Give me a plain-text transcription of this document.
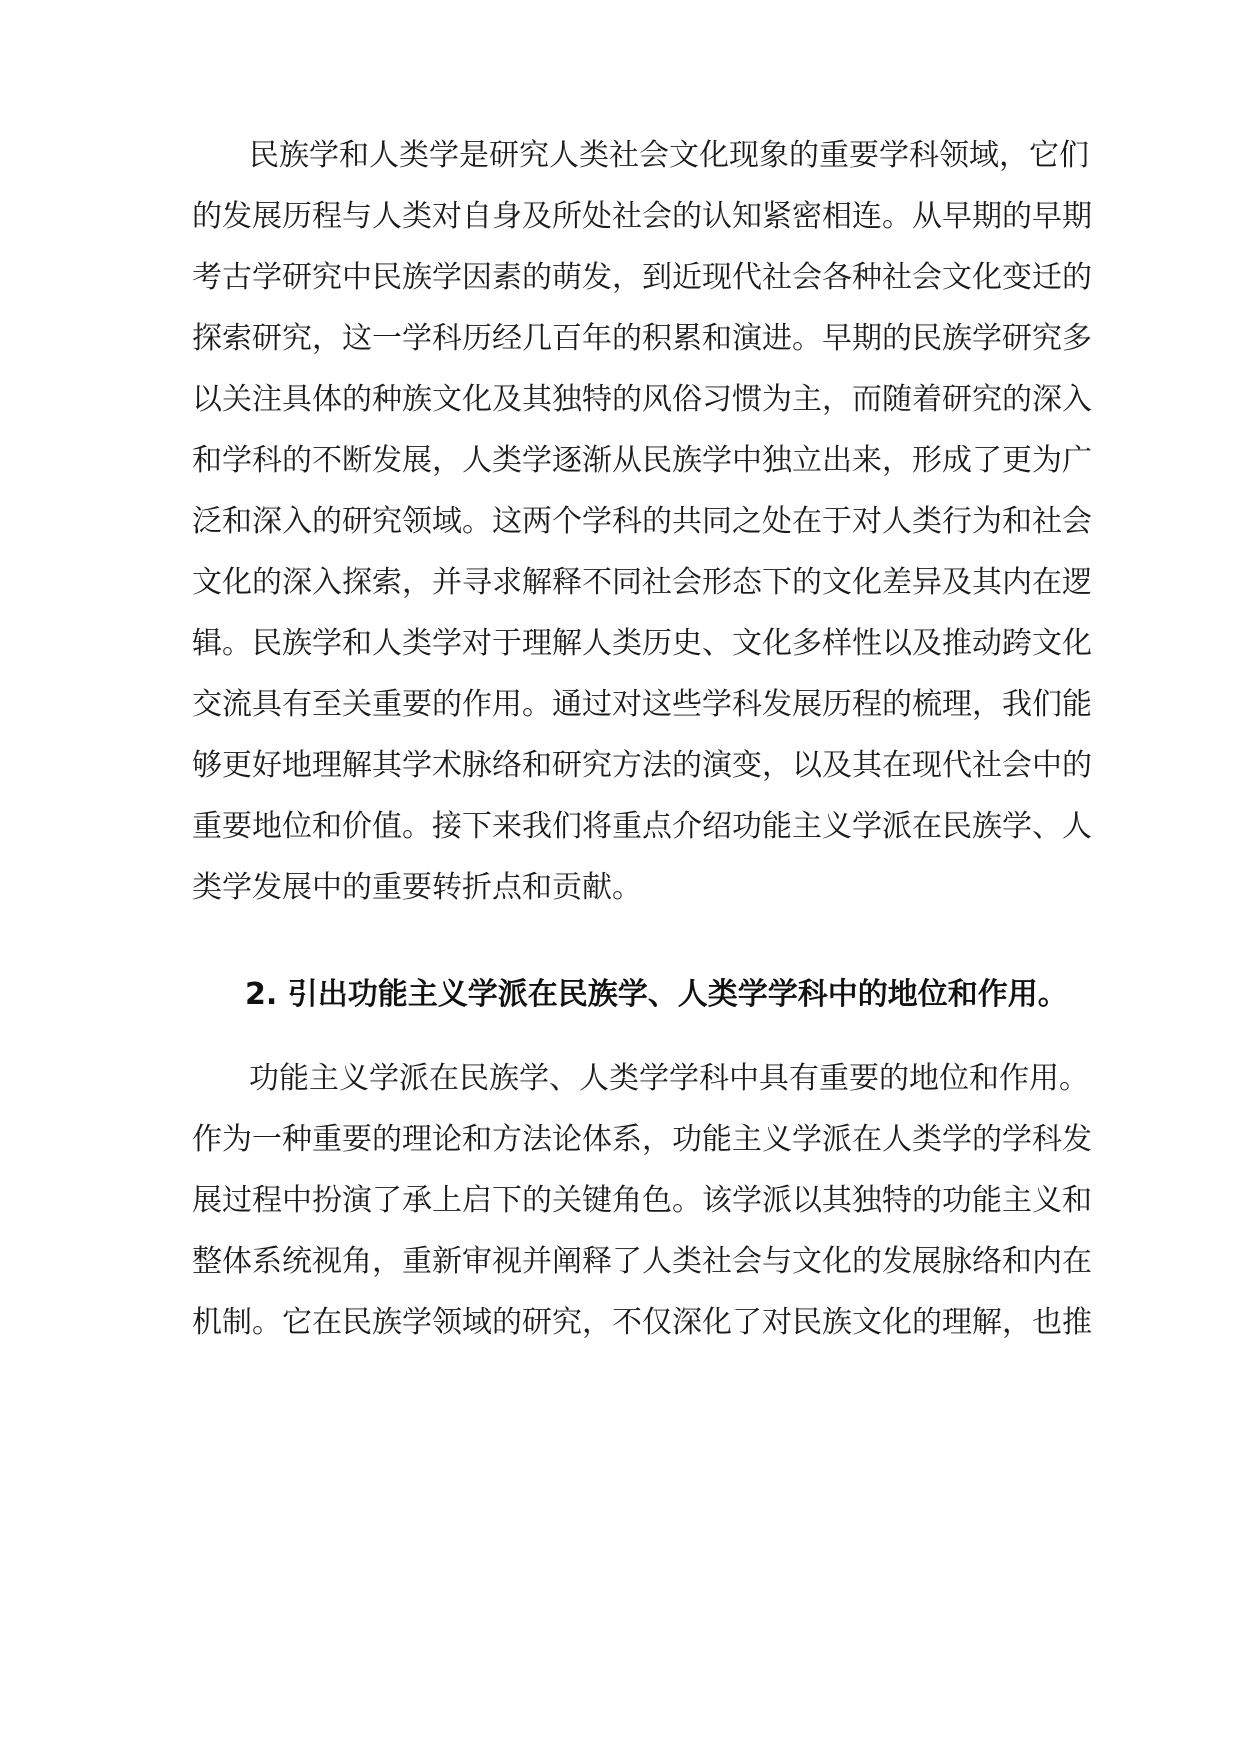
民族学和人类学是研究人类社会文化现象的重要学科领域，它们
的发展历程与人类对自身及所处社会的认知紧密相连。从早期的早期
考古学研究中民族学因素的萌发，到近现代社会各种社会文化变迁的
探索研究，这一学科历经几百年的积累和演进。早期的民族学研究多
以关注具体的种族文化及其独特的风俗习惯为主，而随着研究的深入
和学科的不断发展，人类学逐渐从民族学中独立出来，形成了更为广
泛和深入的研究领域。这两个学科的共同之处在于对人类行为和社会
文化的深入探索，并寻求解释不同社会形态下的文化差异及其内在逻
辑。民族学和人类学对于理解人类历史、文化多样性以及推动跨文化
交流具有至关重要的作用。通过对这些学科发展历程的梳理，我们能
够更好地理解其学术脉络和研究方法的演变，以及其在现代社会中的
重要地位和价值。接下来我们将重点介绍功能主义学派在民族学、人
类学发展中的重要转折点和贡献。
2. 引出功能主义学派在民族学、人类学学科中的地位和作用。
功能主义学派在民族学、人类学学科中具有重要的地位和作用。
作为一种重要的理论和方法论体系，功能主义学派在人类学的学科发
展过程中扮演了承上启下的关键角色。该学派以其独特的功能主义和
整体系统视角，重新审视并阐释了人类社会与文化的发展脉络和内在
机制。它在民族学领域的研究，不仅深化了对民族文化的理解，也推
